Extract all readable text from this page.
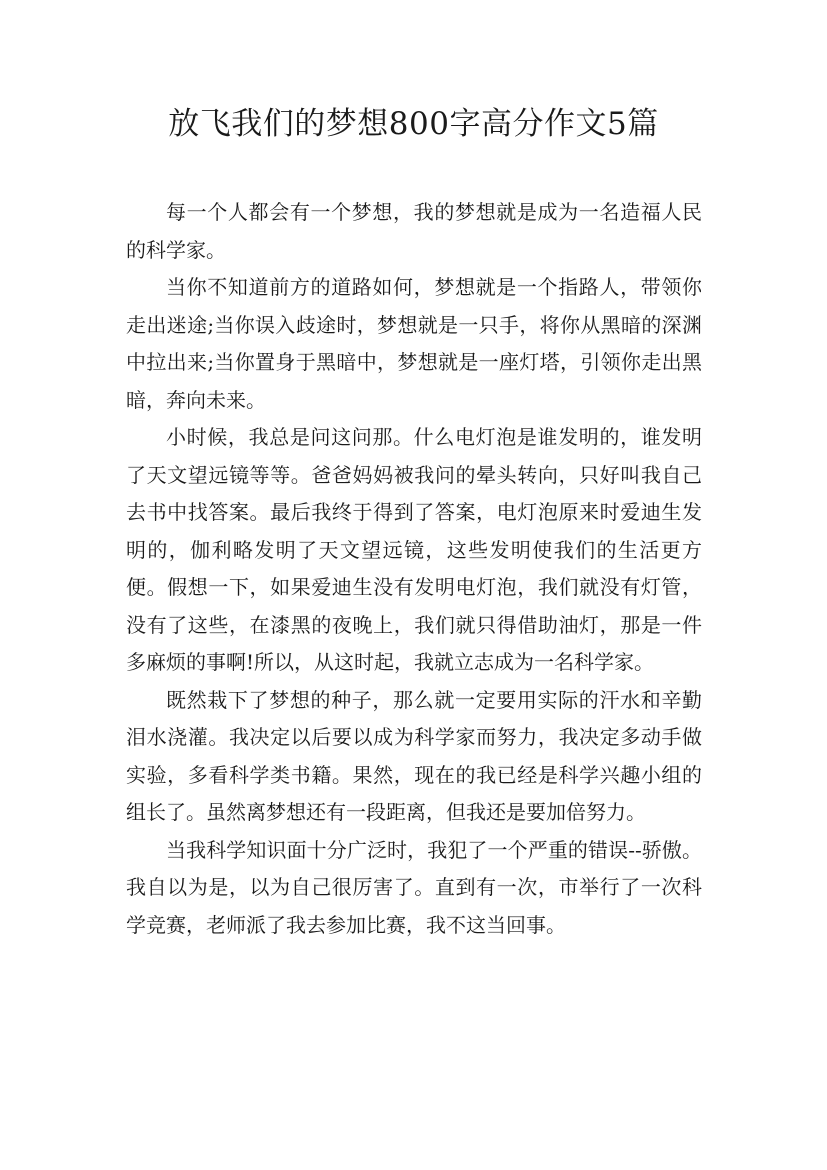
放飞我们的梦想800字高分作文5篇

每一个人都会有一个梦想，我的梦想就是成为一名造福人民的科学家。

当你不知道前方的道路如何，梦想就是一个指路人，带领你走出迷途;当你误入歧途时，梦想就是一只手，将你从黑暗的深渊中拉出来;当你置身于黑暗中，梦想就是一座灯塔，引领你走出黑暗，奔向未来。

小时候，我总是问这问那。什么电灯泡是谁发明的，谁发明了天文望远镜等等。爸爸妈妈被我问的晕头转向，只好叫我自己去书中找答案。最后我终于得到了答案，电灯泡原来时爱迪生发明的，伽利略发明了天文望远镜，这些发明使我们的生活更方便。假想一下，如果爱迪生没有发明电灯泡，我们就没有灯管，没有了这些，在漆黑的夜晚上，我们就只得借助油灯，那是一件多麻烦的事啊!所以，从这时起，我就立志成为一名科学家。

既然栽下了梦想的种子，那么就一定要用实际的汗水和辛勤泪水浇灌。我决定以后要以成为科学家而努力，我决定多动手做实验，多看科学类书籍。果然，现在的我已经是科学兴趣小组的组长了。虽然离梦想还有一段距离，但我还是要加倍努力。

当我科学知识面十分广泛时，我犯了一个严重的错误--骄傲。我自以为是，以为自己很厉害了。直到有一次，市举行了一次科学竞赛，老师派了我去参加比赛，我不这当回事。
